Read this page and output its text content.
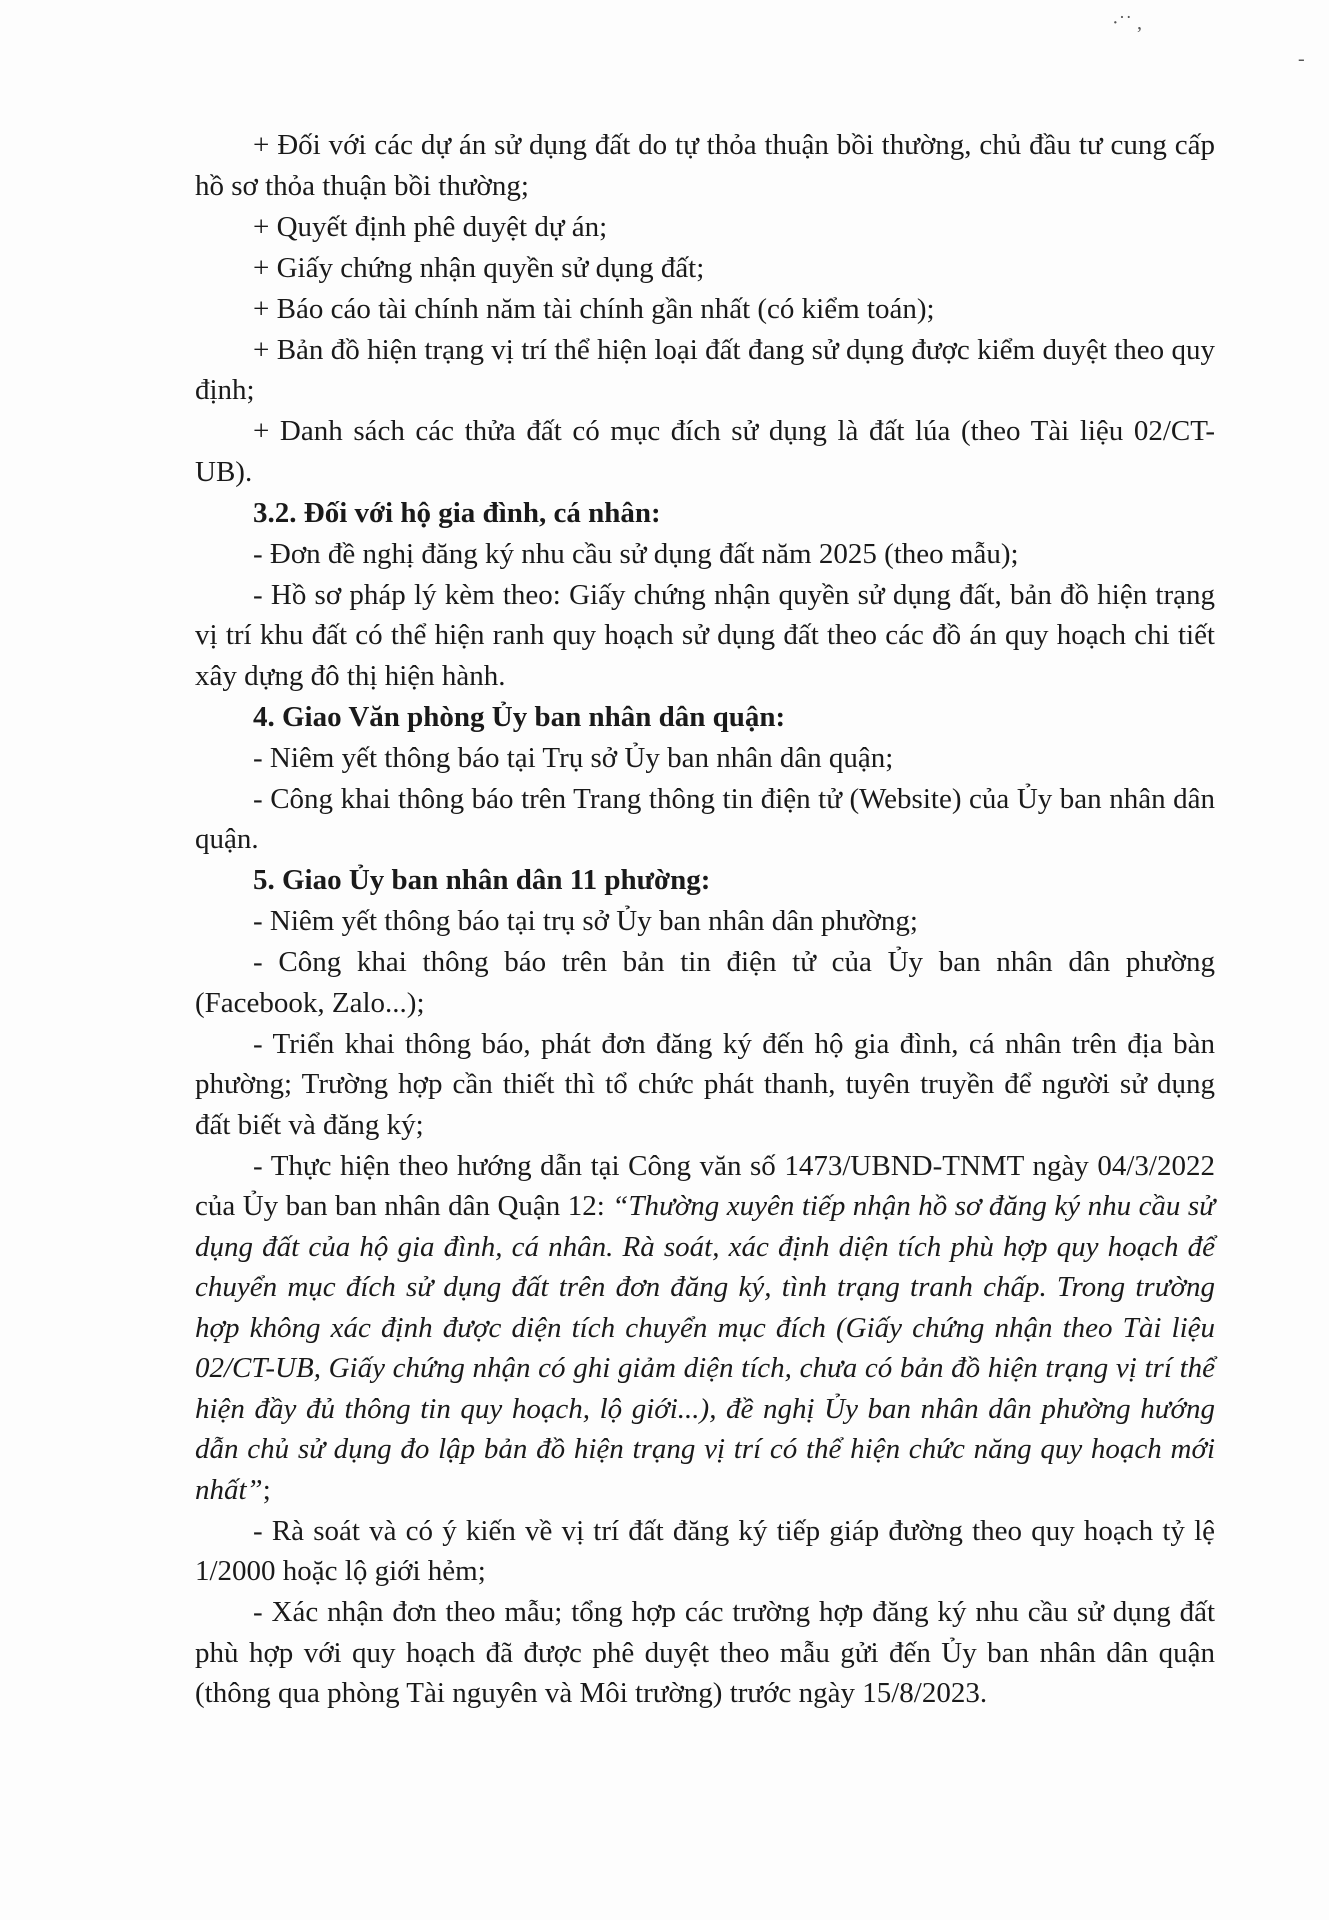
·˙˙ ,
-

+ Đối với các dự án sử dụng đất do tự thỏa thuận bồi thường, chủ đầu tư cung cấp hồ sơ thỏa thuận bồi thường;

+ Quyết định phê duyệt dự án;

+ Giấy chứng nhận quyền sử dụng đất;

+ Báo cáo tài chính năm tài chính gần nhất (có kiểm toán);

+ Bản đồ hiện trạng vị trí thể hiện loại đất đang sử dụng được kiểm duyệt theo quy định;

+ Danh sách các thửa đất có mục đích sử dụng là đất lúa (theo Tài liệu 02/CT-UB).

3.2. Đối với hộ gia đình, cá nhân:

- Đơn đề nghị đăng ký nhu cầu sử dụng đất năm 2025 (theo mẫu);

- Hồ sơ pháp lý kèm theo: Giấy chứng nhận quyền sử dụng đất, bản đồ hiện trạng vị trí khu đất có thể hiện ranh quy hoạch sử dụng đất theo các đồ án quy hoạch chi tiết xây dựng đô thị hiện hành.

4. Giao Văn phòng Ủy ban nhân dân quận:

- Niêm yết thông báo tại Trụ sở Ủy ban nhân dân quận;

- Công khai thông báo trên Trang thông tin điện tử (Website) của Ủy ban nhân dân quận.

5. Giao Ủy ban nhân dân 11 phường:

- Niêm yết thông báo tại trụ sở Ủy ban nhân dân phường;

- Công khai thông báo trên bản tin điện tử của Ủy ban nhân dân phường (Facebook, Zalo...);

- Triển khai thông báo, phát đơn đăng ký đến hộ gia đình, cá nhân trên địa bàn phường; Trường hợp cần thiết thì tổ chức phát thanh, tuyên truyền để người sử dụng đất biết và đăng ký;

- Thực hiện theo hướng dẫn tại Công văn số 1473/UBND-TNMT ngày 04/3/2022 của Ủy ban ban nhân dân Quận 12: “Thường xuyên tiếp nhận hồ sơ đăng ký nhu cầu sử dụng đất của hộ gia đình, cá nhân. Rà soát, xác định diện tích phù hợp quy hoạch để chuyển mục đích sử dụng đất trên đơn đăng ký, tình trạng tranh chấp. Trong trường hợp không xác định được diện tích chuyển mục đích (Giấy chứng nhận theo Tài liệu 02/CT-UB, Giấy chứng nhận có ghi giảm diện tích, chưa có bản đồ hiện trạng vị trí thể hiện đầy đủ thông tin quy hoạch, lộ giới...), đề nghị Ủy ban nhân dân phường hướng dẫn chủ sử dụng đo lập bản đồ hiện trạng vị trí có thể hiện chức năng quy hoạch mới nhất”;

- Rà soát và có ý kiến về vị trí đất đăng ký tiếp giáp đường theo quy hoạch tỷ lệ 1/2000 hoặc lộ giới hẻm;

- Xác nhận đơn theo mẫu; tổng hợp các trường hợp đăng ký nhu cầu sử dụng đất phù hợp với quy hoạch đã được phê duyệt theo mẫu gửi đến Ủy ban nhân dân quận (thông qua phòng Tài nguyên và Môi trường) trước ngày 15/8/2023.
